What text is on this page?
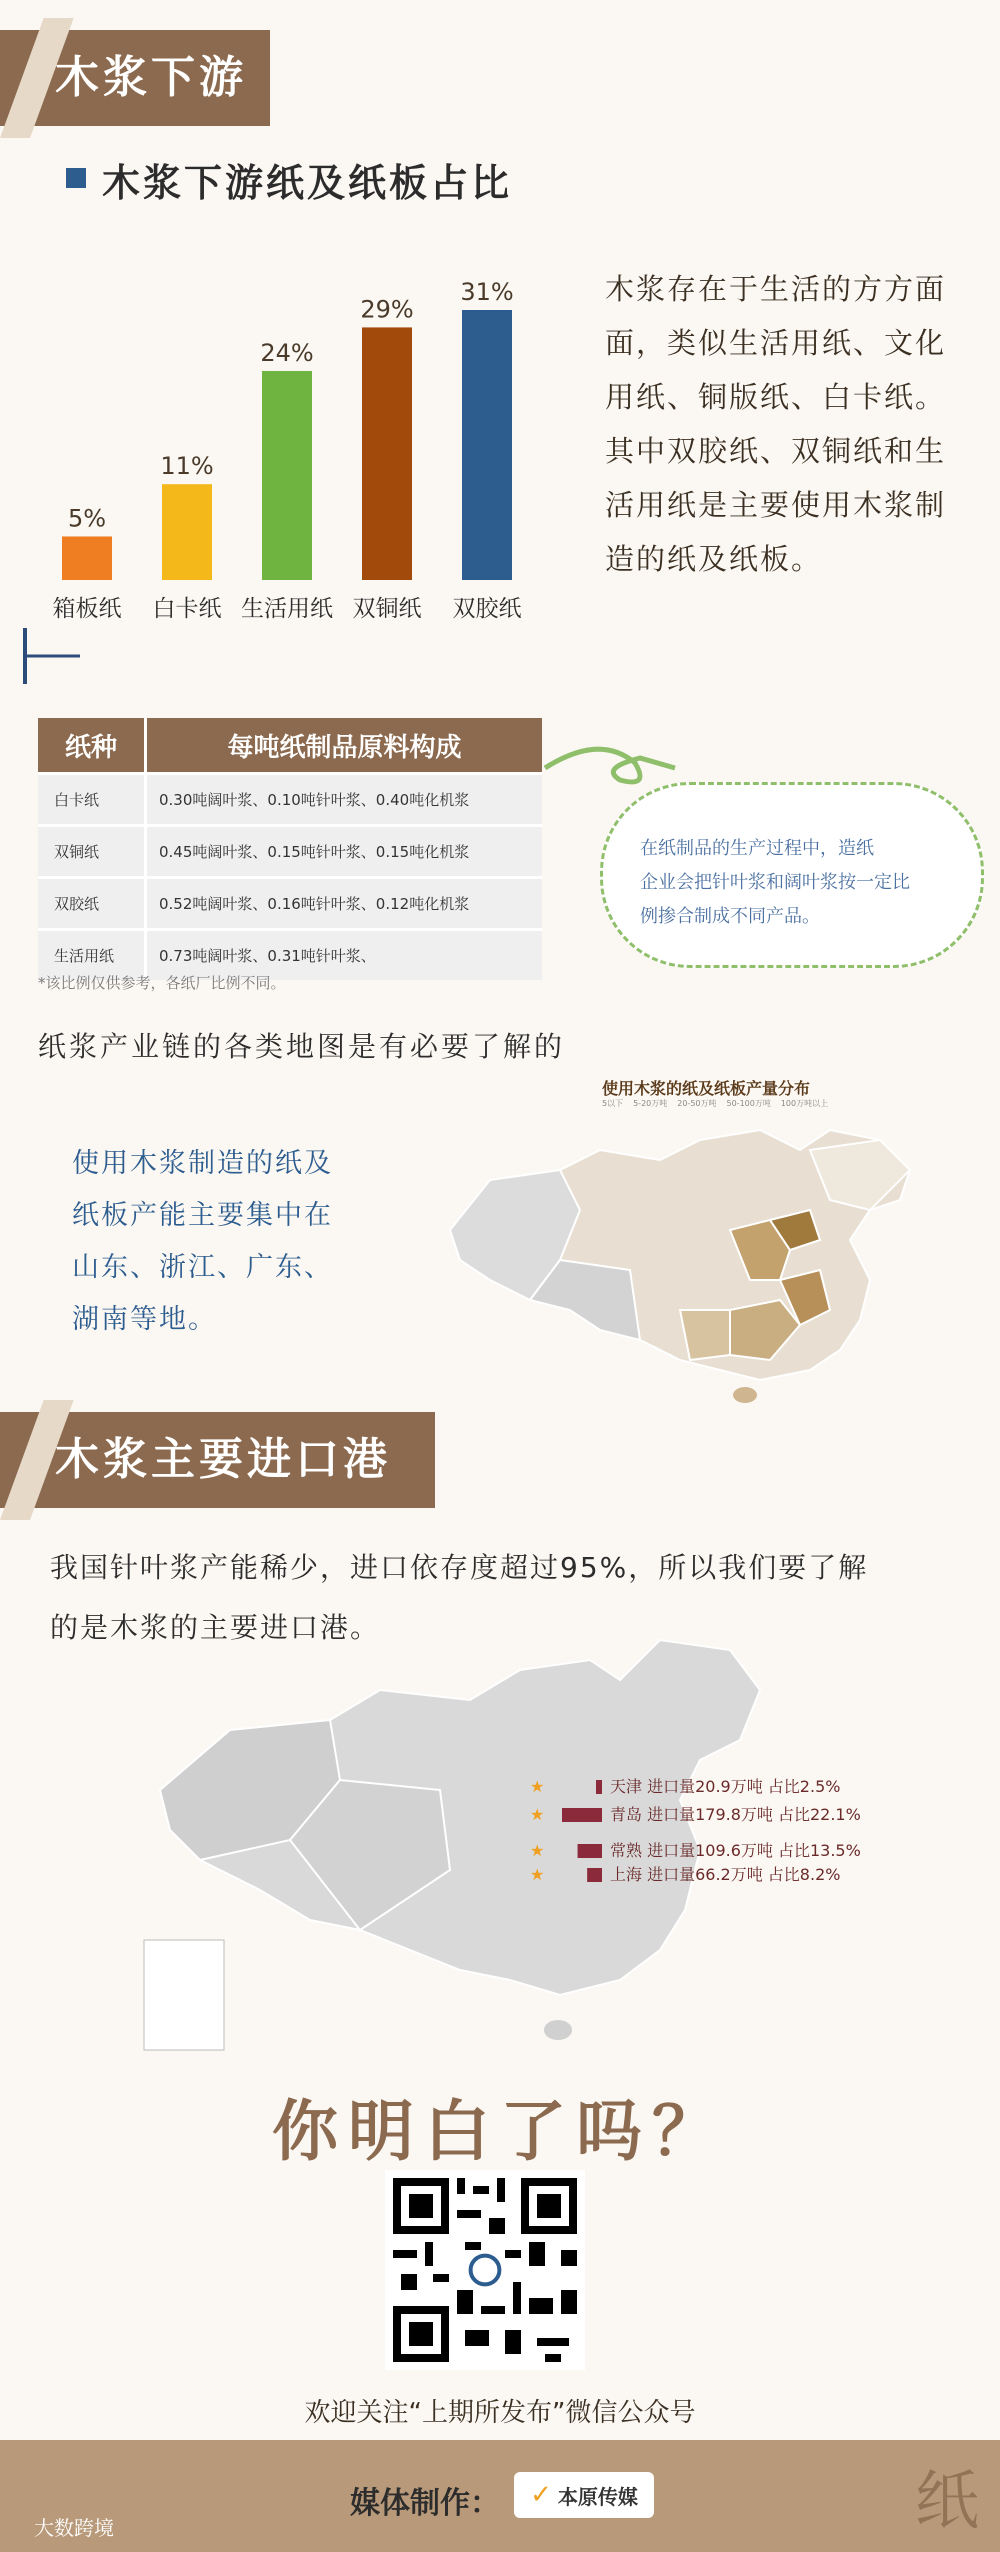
木浆下游
木浆下游纸及纸板占比
5%
箱板纸
11%
白卡纸
24%
生活用纸
29%
双铜纸
31%
双胶纸
木浆存在于生活的方方面
面，类似生活用纸、文化
用纸、铜版纸、白卡纸。
其中双胶纸、双铜纸和生
活用纸是主要使用木浆制
造的纸及纸板。
纸种	每吨纸制品原料构成
白卡纸	0.30吨阔叶浆、0.10吨针叶浆、0.40吨化机浆
双铜纸	0.45吨阔叶浆、0.15吨针叶浆、0.15吨化机浆
双胶纸	0.52吨阔叶浆、0.16吨针叶浆、0.12吨化机浆
生活用纸	0.73吨阔叶浆、0.31吨针叶浆、
*该比例仅供参考，各纸厂比例不同。
在纸制品的生产过程中，造纸
企业会把针叶浆和阔叶浆按一定比
例掺合制成不同产品。
纸浆产业链的各类地图是有必要了解的
使用木浆制造的纸及
纸板产能主要集中在
山东、浙江、广东、
湖南等地。
使用木浆的纸及纸板产量分布
5以下 5-20万吨 20-50万吨 50-100万吨 100万吨以上
木浆主要进口港
我国针叶浆产能稀少，进口依存度超过95%，所以我们要了解
的是木浆的主要进口港。
★	天津 进口量20.9万吨 占比2.5%
★	青岛 进口量179.8万吨 占比22.1%
★	常熟 进口量109.6万吨 占比13.5%
★	上海 进口量66.2万吨 占比8.2%
你明白了吗？
欢迎关注“上期所发布”微信公众号
媒体制作： ✓ 本原传媒
大数跨境	纸
